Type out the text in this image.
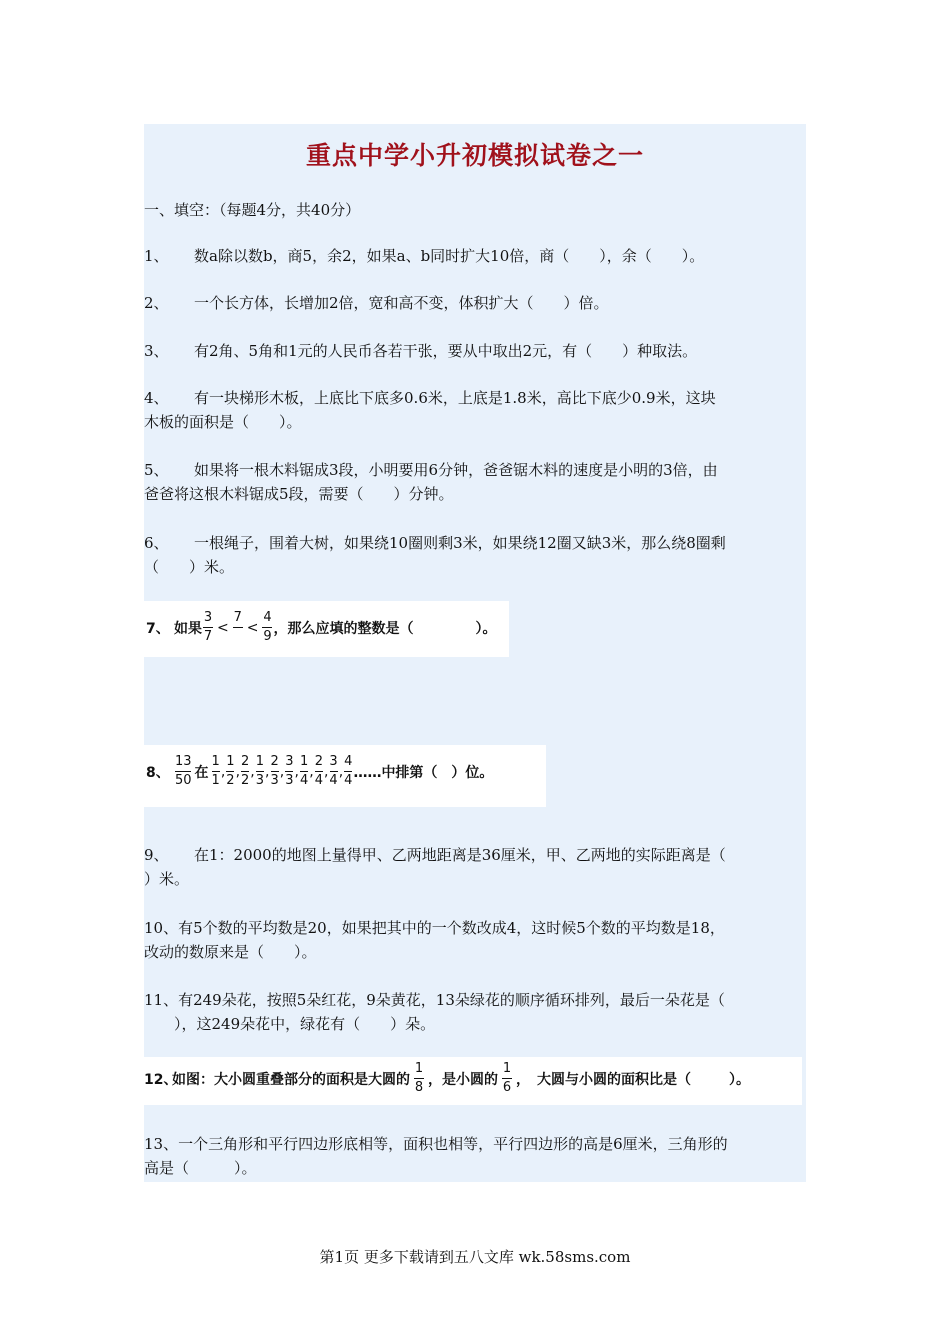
重点中学小升初模拟试卷之一
一、填空：（每题4分，共40分）
1、 数a除以数b，商5，余2，如果a、b同时扩大10倍，商（　　），余（　　）。
2、 一个长方体，长增加2倍，宽和高不变，体积扩大（　　）倍。
3、 有2角、5角和1元的人民币各若干张，要从中取出2元，有（　　）种取法。
4、 有一块梯形木板，上底比下底多0.6米，上底是1.8米，高比下底少0.9米，这块
木板的面积是（　　）。
5、 如果将一根木料锯成3段，小明要用6分钟，爸爸锯木料的速度是小明的3倍，由
爸爸将这根木料锯成5段，需要（　　）分钟。
6、 一根绳子，围着大树，如果绕10圈则剩3米，如果绕12圈又缺3米，那么绕8圈剩
（　　）米。
7、 如果 $\frac{3}{7}$ <
7

< $\frac{4}{9}$ ，那么应填的整数是（	）。
8、 $\frac{13}{50}$ 在 $\frac{1}{1}$ , $\frac{1}{2}$ , $\frac{2}{2}$ , $\frac{1}{3}$ , $\frac{2}{3}$ , $\frac{3}{3}$ , $\frac{1}{4}$ , $\frac{2}{4}$ , $\frac{3}{4}$ , $\frac{4}{4}$ ……中排第（　）位。
9、 在1：2000的地图上量得甲、乙两地距离是36厘米，甲、乙两地的实际距离是（
）米。
10、有5个数的平均数是20，如果把其中的一个数改成4，这时候5个数的平均数是18，
改动的数原来是（　　）。
11、有249朵花，按照5朵红花，9朵黄花，13朵绿花的顺序循环排列，最后一朵花是（
　　），这249朵花中，绿花有（　　）朵。
12、
如图：大小圆重叠部分的面积是大圆的 $\frac{1}{8}$ ，是小圆的 $\frac{1}{6}$ ，　大圆与小圆的面积比是（	）。
13、一个三角形和平行四边形底相等，面积也相等，平行四边形的高是6厘米，三角形的
高是（　　　）。
第1页 更多下载请到五八文库 wk.58sms.com
